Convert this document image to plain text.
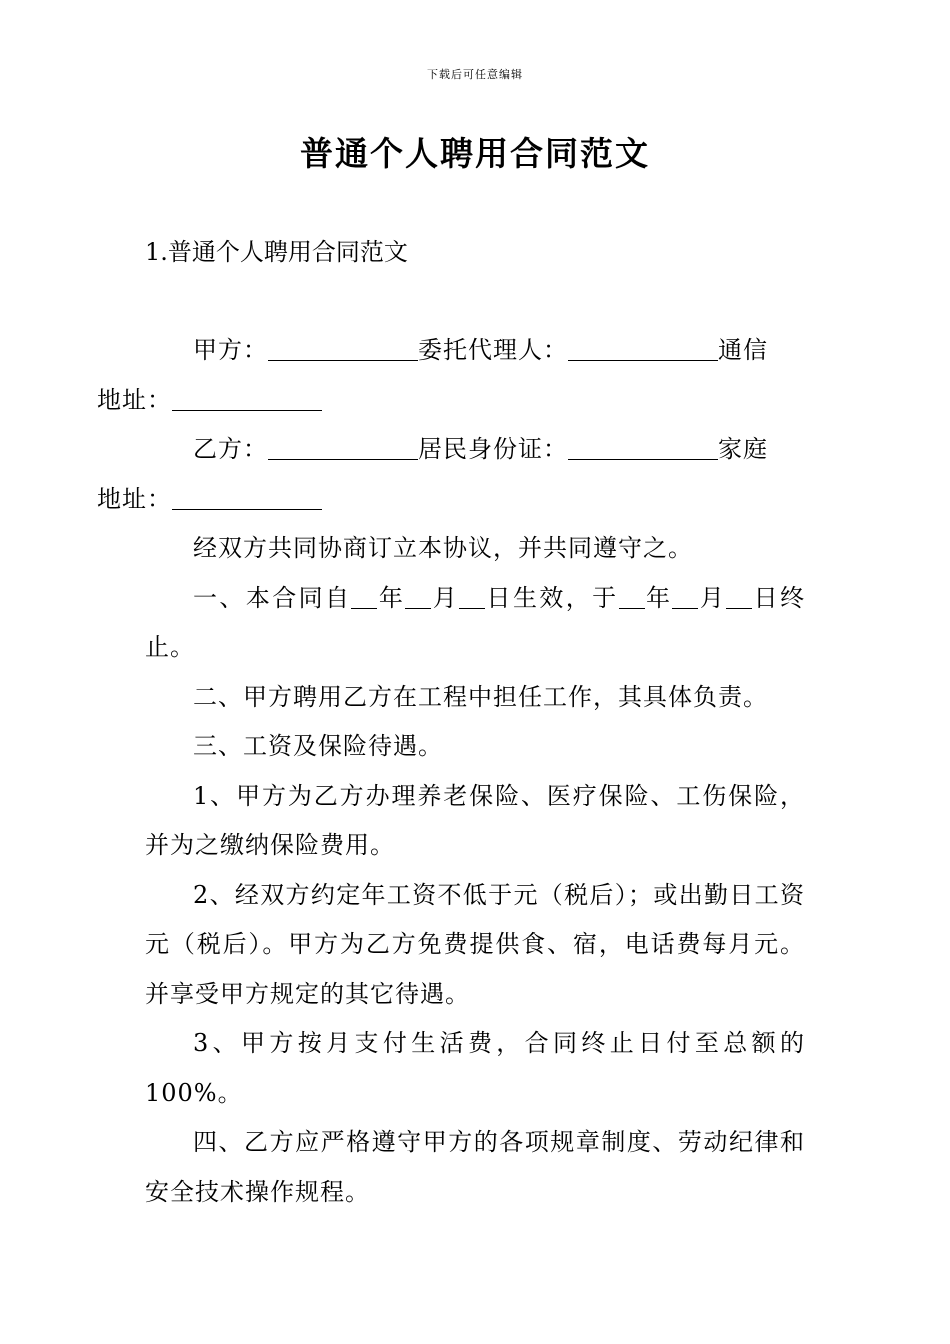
下载后可任意编辑
普通个人聘用合同范文
1.普通个人聘用合同范文

甲方：	委托代理人：	通信
地址：

乙方：	居民身份证：	家庭
地址：

经双方共同协商订立本协议，并共同遵守之。

一、本合同自 年 月 日生效，于 年 月 日终止。

二、甲方聘用乙方在工程中担任工作，其具体负责。

三、工资及保险待遇。

1、甲方为乙方办理养老保险、医疗保险、工伤保险，并为之缴纳保险费用。

2、经双方约定年工资不低于元（税后）；或出勤日工资元（税后）。甲方为乙方免费提供食、宿，电话费每月元。并享受甲方规定的其它待遇。

3、甲方按月支付生活费，合同终止日付至总额的100%。

四、乙方应严格遵守甲方的各项规章制度、劳动纪律和安全技术操作规程。
